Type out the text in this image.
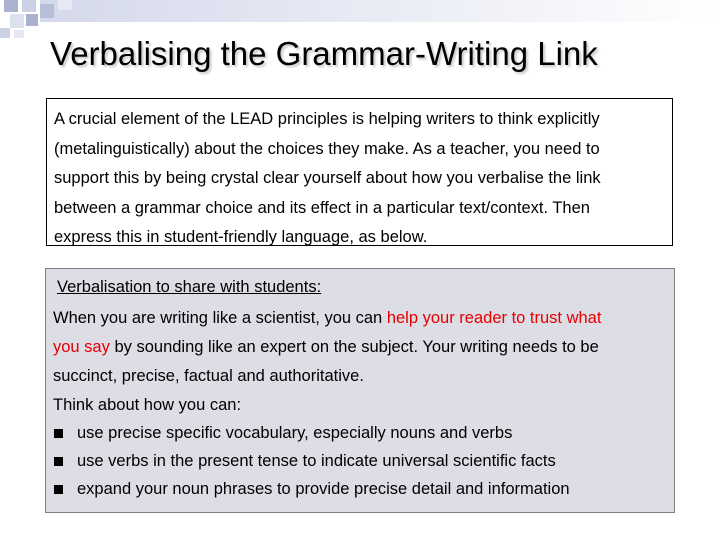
Verbalising the Grammar-Writing Link

A crucial element of the LEAD principles is helping writers to think explicitly

(metalinguistically) about the choices they make. As a teacher, you need to

support this by being crystal clear yourself about how you verbalise the link

between a grammar choice and its effect in a particular text/context. Then

express this in student-friendly language, as below.

Verbalisation to share with students:
When you are writing like a scientist, you can help your reader to trust what
you say by sounding like an expert on the subject. Your writing needs to be
succinct, precise, factual and authoritative.
Think about how you can:
use precise specific vocabulary, especially nouns and verbs
use verbs in the present tense to indicate universal scientific facts
expand your noun phrases to provide precise detail and information
